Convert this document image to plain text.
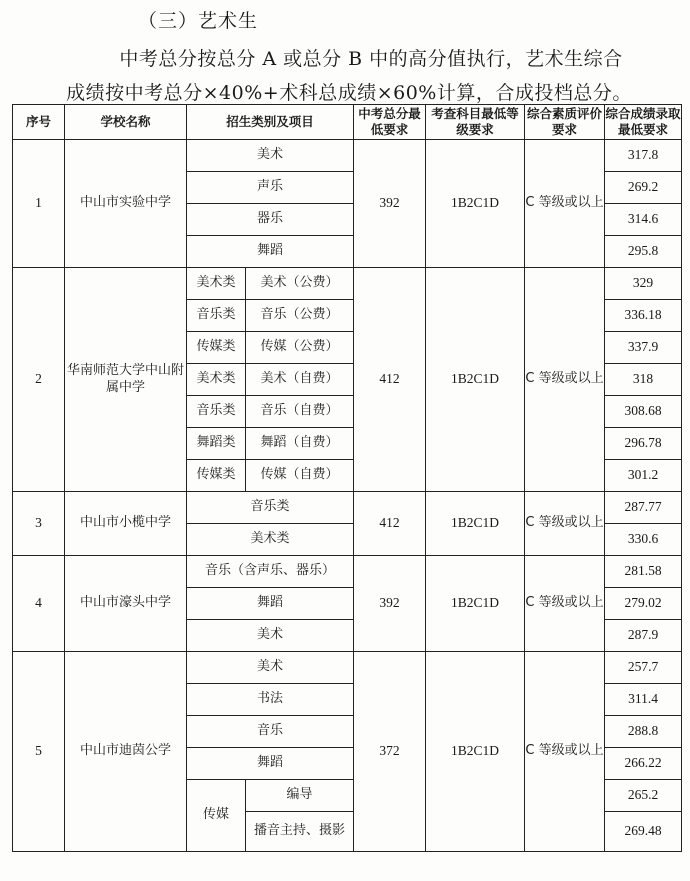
（三）艺术生
中考总分按总分 A 或总分 B 中的高分值执行，艺术生综合
成绩按中考总分×40%+术科总成绩×60%计算，合成投档总分。
序号	学校名称	招生类别及项目		中考总分最低要求	考查科目最低等级要求	综合素质评价要求	综合成绩录取最低要求
1	中山市实验中学	美术		392	1B2C1D	C 等级或以上	317.8
		声乐					269.2
		器乐					314.6
		舞蹈					295.8
2	华南师范大学中山附属中学	美术类	美术（公费）	412	1B2C1D	C 等级或以上	329
		音乐类	音乐（公费）				336.18
		传媒类	传媒（公费）				337.9
		美术类	美术（自费）				318
		音乐类	音乐（自费）				308.68
		舞蹈类	舞蹈（自费）				296.78
		传媒类	传媒（自费）				301.2
3	中山市小榄中学	音乐类		412	1B2C1D	C 等级或以上	287.77
		美术类					330.6
4	中山市濠头中学	音乐（含声乐、器乐）		392	1B2C1D	C 等级或以上	281.58
		舞蹈					279.02
		美术					287.9
5	中山市迪茵公学	美术		372	1B2C1D	C 等级或以上	257.7
		书法					311.4
		音乐					288.8
		舞蹈					266.22
		传媒	编导				265.2
			播音主持、摄影				269.48
